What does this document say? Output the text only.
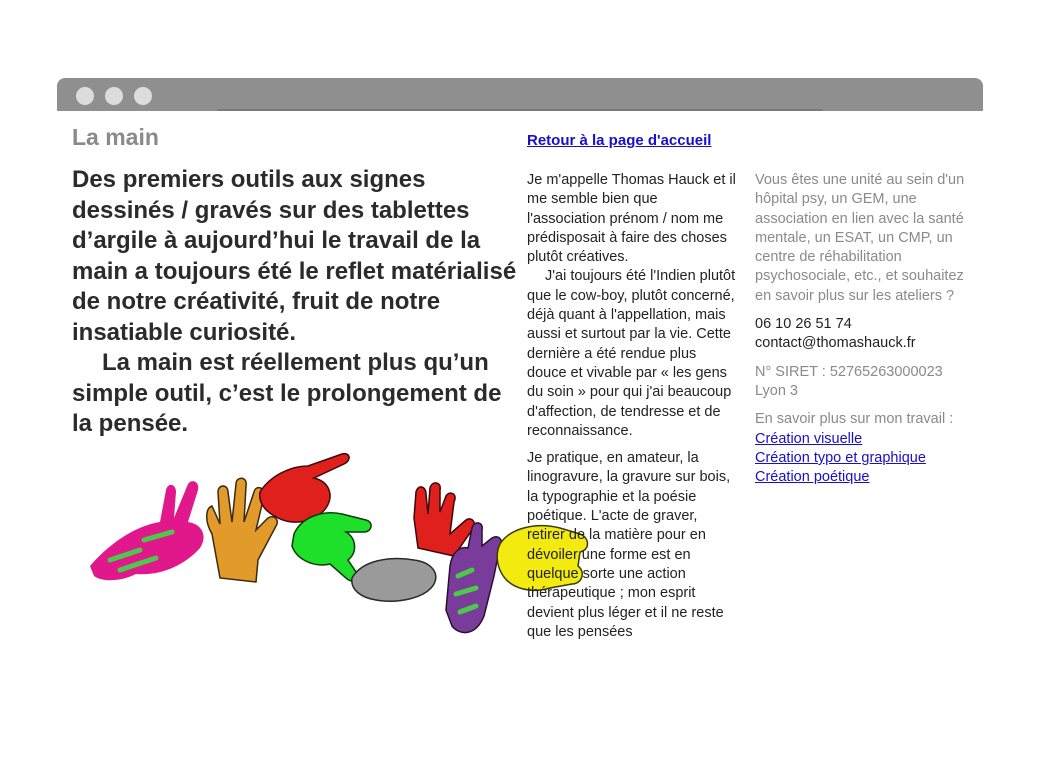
La main

Des premiers outils aux signes dessinés / gravés sur des tablettes d’argile à aujourd’hui le travail de la main a toujours été le reflet matérialisé de notre créativité, fruit de notre insatiable curiosité.

La main est réellement plus qu’un simple outil, c’est le prolongement de la pensée.

Retour à la page d'accueil

Je m'appelle Thomas Hauck et il me semble bien que l'association prénom / nom me prédisposait à faire des choses plutôt créatives.

J'ai toujours été l'Indien plutôt que le cow-boy, plutôt concerné, déjà quant à l'appellation, mais aussi et surtout par la vie. Cette dernière a été rendue plus douce et vivable par « les gens du soin » pour qui j'ai beaucoup d'affection, de tendresse et de reconnaissance.

Je pratique, en amateur, la linogravure, la gravure sur bois, la typographie et la poésie poétique. L'acte de graver, retirer de la matière pour en dévoiler une forme est en quelque sorte une action thérapeutique ; mon esprit devient plus léger et il ne reste que les pensées

Vous êtes une unité au sein d'un hôpital psy, un GEM, une association en lien avec la santé mentale, un ESAT, un CMP, un centre de réhabilitation psychosociale, etc., et souhaitez en savoir plus sur les ateliers ?
06 10 26 51 74
contact@thomashauck.fr
N° SIRET : 52765263000023
Lyon 3
En savoir plus sur mon travail :
Création visuelle
Création typo et graphique
Création poétique
